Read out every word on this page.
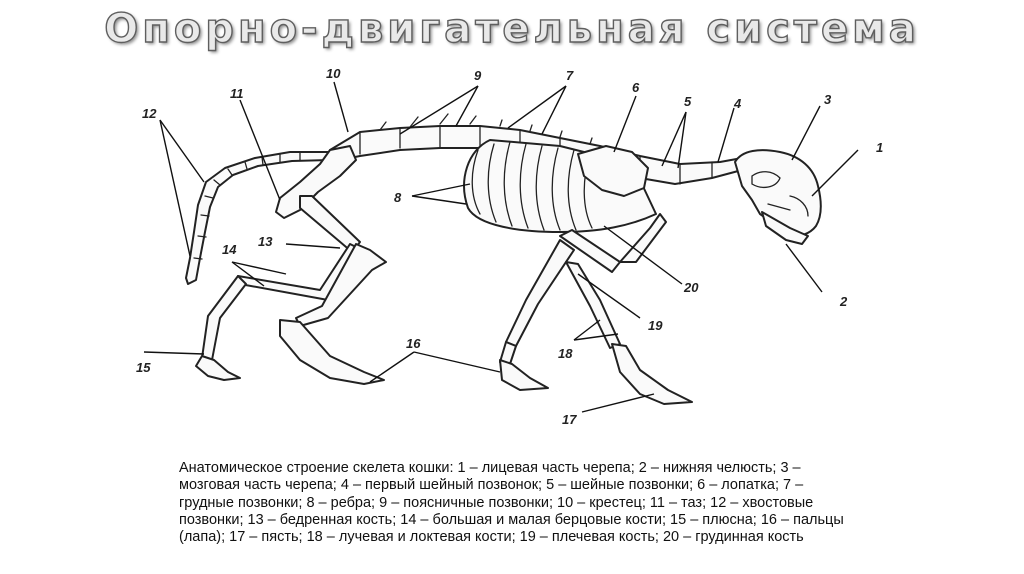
Опорно-двигательная система
1
2
3
4
5
6
7
8
9
10
11
12
13
14
15
16
17
18
19
20

Анатомическое строение скелета кошки: 1 – лицевая часть черепа; 2 – нижняя челюсть; 3 – мозговая часть черепа; 4 – первый шейный позвонок; 5 – шейные позвонки; 6 – лопатка; 7 – грудные позвонки; 8 – ребра; 9 – поясничные позвонки; 10 – крестец; 11 – таз; 12 – хвостовые позвонки; 13 – бедренная кость; 14 – большая и малая берцовые кости; 15 – плюсна; 16 – пальцы (лапа); 17 – пясть; 18 – лучевая и локтевая кости; 19 – плечевая кость; 20 – грудинная кость
